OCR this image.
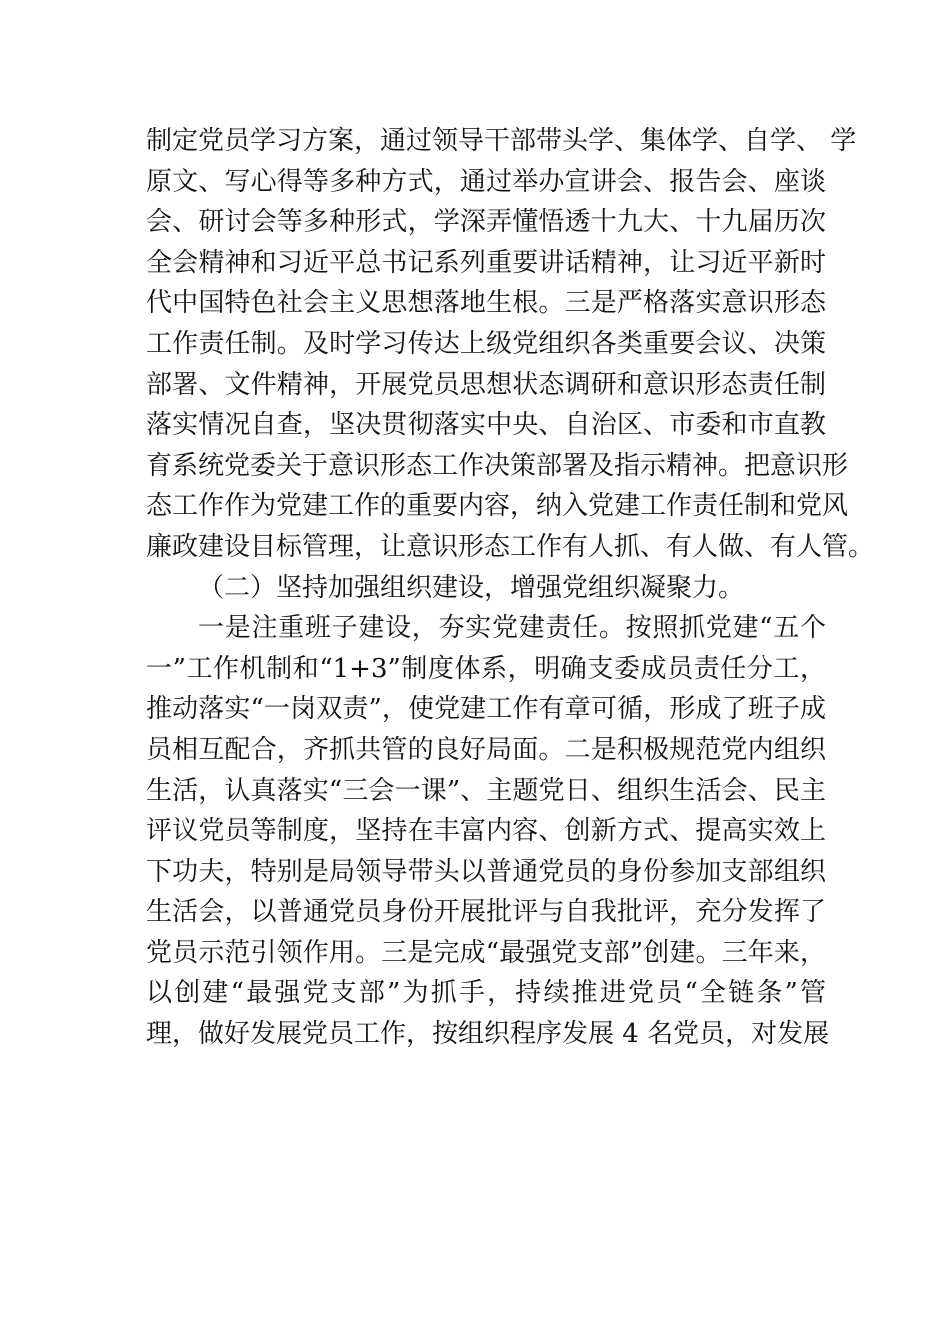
制定党员学习方案，通过领导干部带头学、集体学、自学、 学
原文、写心得等多种方式，通过举办宣讲会、报告会、座谈
会、研讨会等多种形式，学深弄懂悟透十九大、十九届历次
全会精神和习近平总书记系列重要讲话精神，让习近平新时
代中国特色社会主义思想落地生根。三是严格落实意识形态
工作责任制。及时学习传达上级党组织各类重要会议、决策
部署、文件精神，开展党员思想状态调研和意识形态责任制
落实情况自查，坚决贯彻落实中央、自治区、市委和市直教
育系统党委关于意识形态工作决策部署及指示精神。把意识形
态工作作为党建工作的重要内容，纳入党建工作责任制和党风
廉政建设目标管理，让意识形态工作有人抓、有人做、有人管。
（二）坚持加强组织建设，增强党组织凝聚力。
一是注重班子建设，夯实党建责任。按照抓党建“五个
一”工作机制和“1+3”制度体系，明确支委成员责任分工，
推动落实“一岗双责”，使党建工作有章可循，形成了班子成
员相互配合，齐抓共管的良好局面。二是积极规范党内组织
生活，认真落实“三会一课”、主题党日、组织生活会、民主
评议党员等制度，坚持在丰富内容、创新方式、提高实效上
下功夫，特别是局领导带头以普通党员的身份参加支部组织
生活会，以普通党员身份开展批评与自我批评，充分发挥了
党员示范引领作用。三是完成“最强党支部”创建。三年来，
以创建“最强党支部”为抓手，持续推进党员“全链条”管
理，做好发展党员工作，按组织程序发展 4 名党员，对发展
